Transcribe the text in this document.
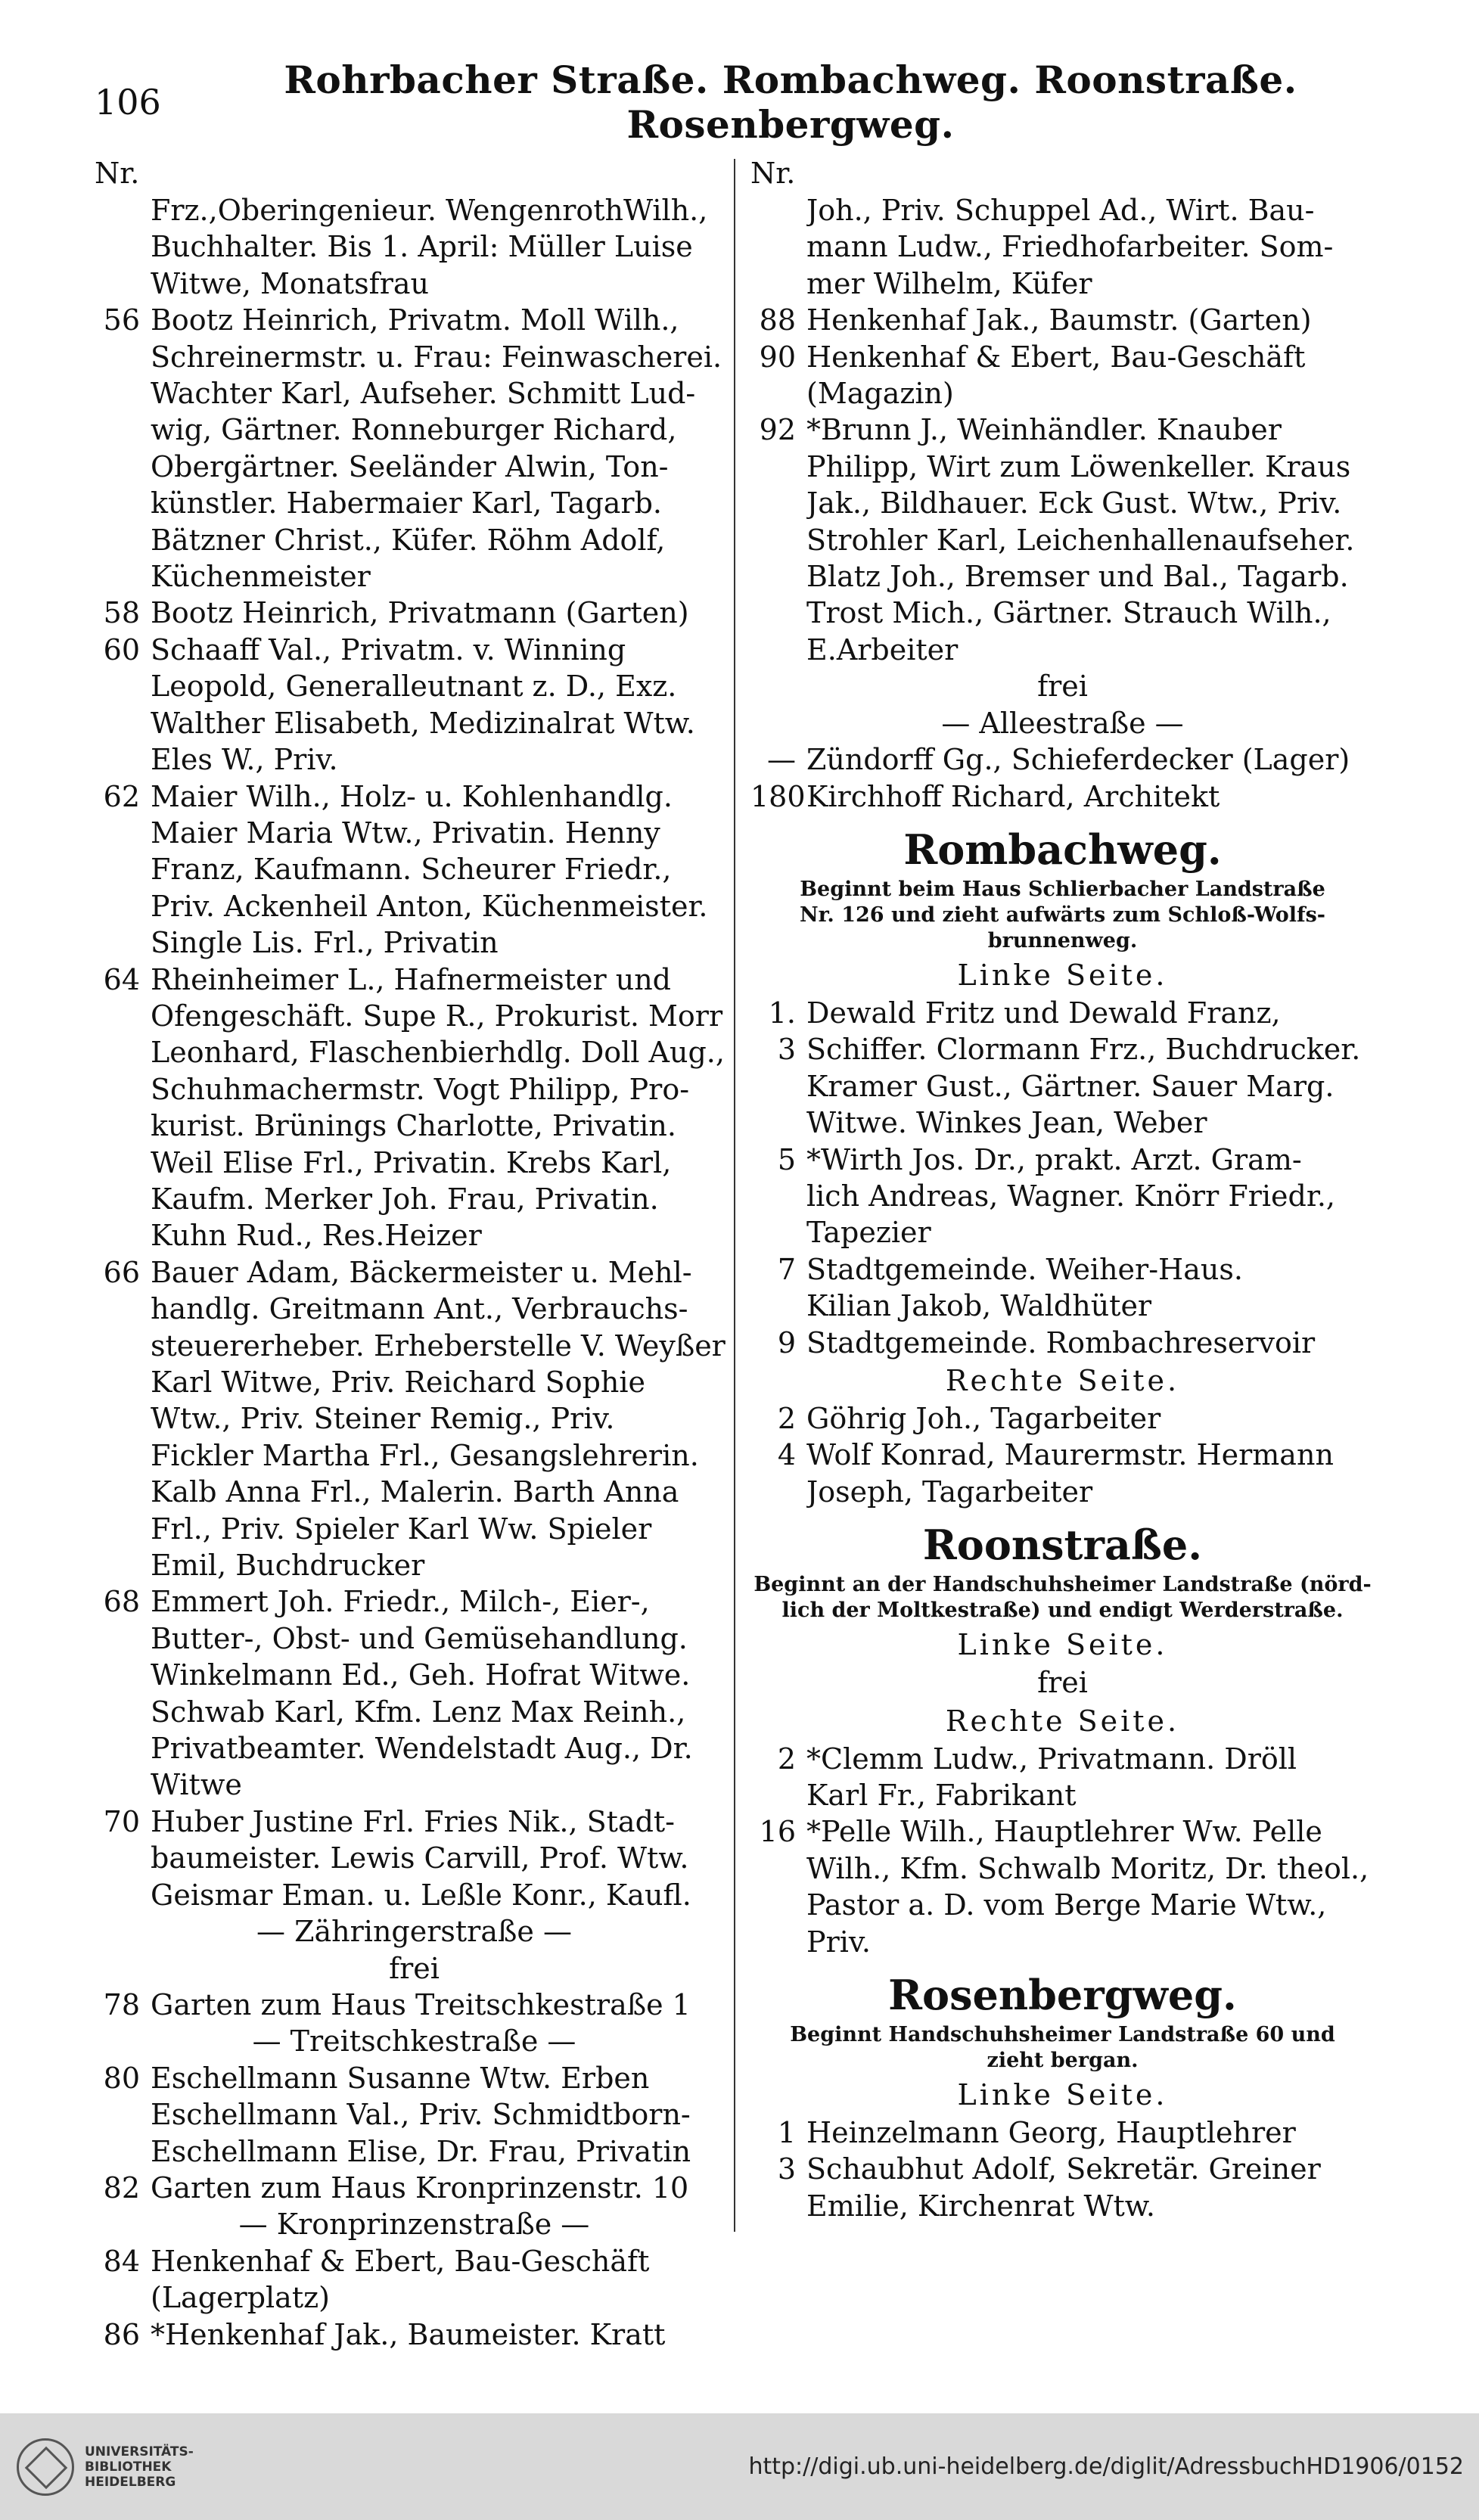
106	Rohrbacher Straße. Rombachweg. Roonstraße. Rosenbergweg.
Nr.
Frz.,Oberingenieur. WengenrothWilh.,
Buchhalter. Bis 1. April: Müller Luise
Witwe, Monatsfrau
56 Bootz Heinrich, Privatm. Moll Wilh.,
Schreinermstr. u. Frau: Feinwascherei.
Wachter Karl, Aufseher. Schmitt Lud-
wig, Gärtner. Ronneburger Richard,
Obergärtner. Seeländer Alwin, Ton-
künstler. Habermaier Karl, Tagarb.
Bätzner Christ., Küfer. Röhm Adolf,
Küchenmeister
58 Bootz Heinrich, Privatmann (Garten)
60 Schaaff Val., Privatm. v. Winning
Leopold, Generalleutnant z. D., Exz.
Walther Elisabeth, Medizinalrat Wtw.
Eles W., Priv.
62 Maier Wilh., Holz- u. Kohlenhandlg.
Maier Maria Wtw., Privatin. Henny
Franz, Kaufmann. Scheurer Friedr.,
Priv. Ackenheil Anton, Küchenmeister.
Single Lis. Frl., Privatin
64 Rheinheimer L., Hafnermeister und
Ofengeschäft. Supe R., Prokurist. Morr
Leonhard, Flaschenbierhdlg. Doll Aug.,
Schuhmachermstr. Vogt Philipp, Pro-
kurist. Brünings Charlotte, Privatin.
Weil Elise Frl., Privatin. Krebs Karl,
Kaufm. Merker Joh. Frau, Privatin.
Kuhn Rud., Res.Heizer
66 Bauer Adam, Bäckermeister u. Mehl-
handlg. Greitmann Ant., Verbrauchs-
steuererheber. Erheberstelle V. Weyßer
Karl Witwe, Priv. Reichard Sophie
Wtw., Priv. Steiner Remig., Priv.
Fickler Martha Frl., Gesangslehrerin.
Kalb Anna Frl., Malerin. Barth Anna
Frl., Priv. Spieler Karl Ww. Spieler
Emil, Buchdrucker
68 Emmert Joh. Friedr., Milch-, Eier-,
Butter-, Obst- und Gemüsehandlung.
Winkelmann Ed., Geh. Hofrat Witwe.
Schwab Karl, Kfm. Lenz Max Reinh.,
Privatbeamter. Wendelstadt Aug., Dr.
Witwe
70 Huber Justine Frl. Fries Nik., Stadt-
baumeister. Lewis Carvill, Prof. Wtw.
Geismar Eman. u. Leßle Konr., Kaufl.
— Zähringerstraße —
frei
78 Garten zum Haus Treitschkestraße 1
— Treitschkestraße —
80 Eschellmann Susanne Wtw. Erben
Eschellmann Val., Priv. Schmidtborn-
Eschellmann Elise, Dr. Frau, Privatin
82 Garten zum Haus Kronprinzenstr. 10
— Kronprinzenstraße —
84 Henkenhaf & Ebert, Bau-Geschäft
(Lagerplatz)
86 *Henkenhaf Jak., Baumeister. Kratt
Nr.
Joh., Priv. Schuppel Ad., Wirt. Bau-
mann Ludw., Friedhofarbeiter. Som-
mer Wilhelm, Küfer
88 Henkenhaf Jak., Baumstr. (Garten)
90 Henkenhaf & Ebert, Bau-Geschäft
(Magazin)
92 *Brunn J., Weinhändler. Knauber
Philipp, Wirt zum Löwenkeller. Kraus
Jak., Bildhauer. Eck Gust. Wtw., Priv.
Strohler Karl, Leichenhallenaufseher.
Blatz Joh., Bremser und Bal., Tagarb.
Trost Mich., Gärtner. Strauch Wilh.,
E.Arbeiter
frei
— Alleestraße —
— Zündorff Gg., Schieferdecker (Lager)
180 Kirchhoff Richard, Architekt
Rombachweg.
Beginnt beim Haus Schlierbacher Landstraße
Nr. 126 und zieht aufwärts zum Schloß-Wolfs-
brunnenweg.
Linke Seite.
1. 3
Dewald Fritz und Dewald Franz,
Schiffer. Clormann Frz., Buchdrucker.
Kramer Gust., Gärtner. Sauer Marg.
Witwe. Winkes Jean, Weber
5 *Wirth Jos. Dr., prakt. Arzt. Gram-
lich Andreas, Wagner. Knörr Friedr.,
Tapezier
7 Stadtgemeinde. Weiher-Haus.
Kilian Jakob, Waldhüter
9 Stadtgemeinde. Rombachreservoir
Rechte Seite.
2 Göhrig Joh., Tagarbeiter
4 Wolf Konrad, Maurermstr. Hermann
Joseph, Tagarbeiter
Roonstraße.
Beginnt an der Handschuhsheimer Landstraße (nörd-
lich der Moltkestraße) und endigt Werderstraße.
Linke Seite.
frei
Rechte Seite.
2 *Clemm Ludw., Privatmann. Dröll
Karl Fr., Fabrikant
16 *Pelle Wilh., Hauptlehrer Ww. Pelle
Wilh., Kfm. Schwalb Moritz, Dr. theol.,
Pastor a. D. vom Berge Marie Wtw.,
Priv.
Rosenbergweg.
Beginnt Handschuhsheimer Landstraße 60 und
zieht bergan.
Linke Seite.
1 Heinzelmann Georg, Hauptlehrer
3 Schaubhut Adolf, Sekretär. Greiner
Emilie, Kirchenrat Wtw.
UNIVERSITÄTS-
BIBLIOTHEK
HEIDELBERG
http://digi.ub.uni-heidelberg.de/diglit/AdressbuchHD1906/0152
